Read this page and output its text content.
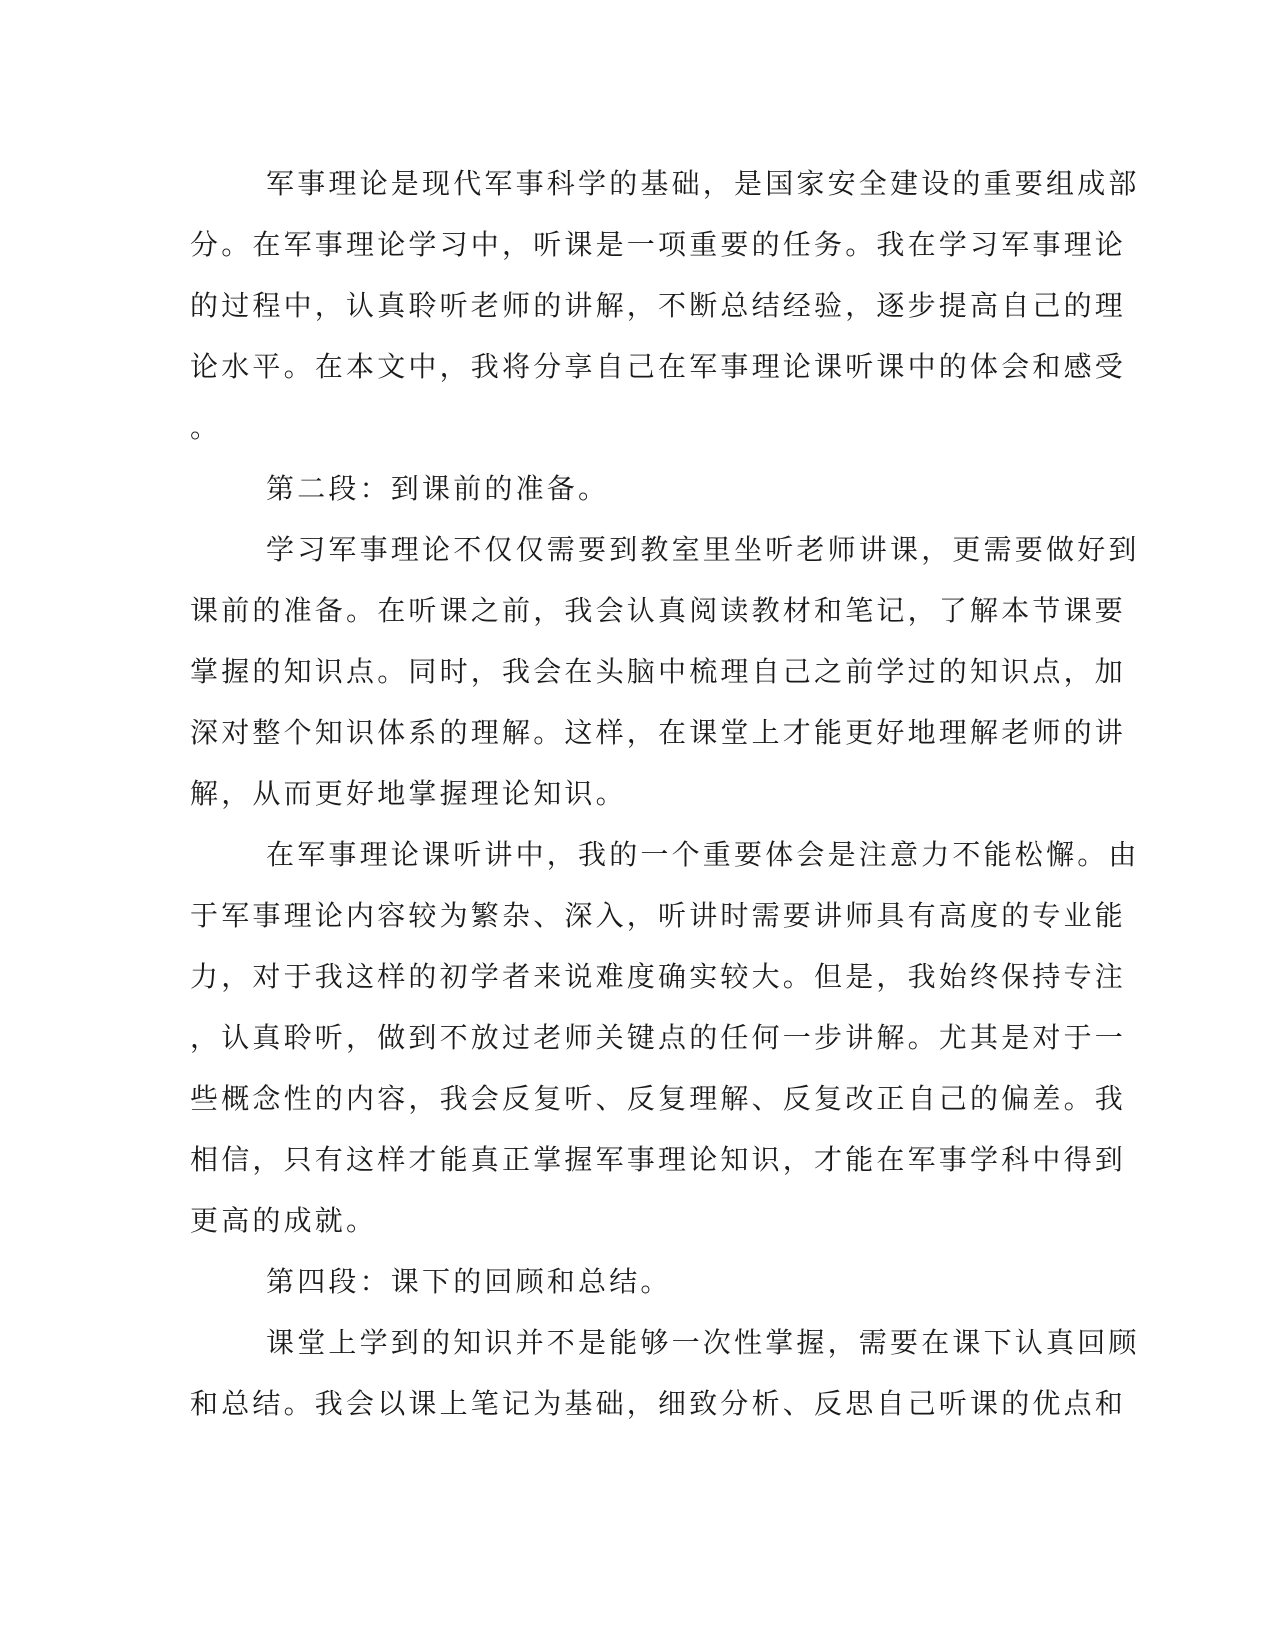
军事理论是现代军事科学的基础，是国家安全建设的重要组成部
分。在军事理论学习中，听课是一项重要的任务。我在学习军事理论
的过程中，认真聆听老师的讲解，不断总结经验，逐步提高自己的理
论水平。在本文中，我将分享自己在军事理论课听课中的体会和感受
。
第二段：到课前的准备。
学习军事理论不仅仅需要到教室里坐听老师讲课，更需要做好到
课前的准备。在听课之前，我会认真阅读教材和笔记，了解本节课要
掌握的知识点。同时，我会在头脑中梳理自己之前学过的知识点，加
深对整个知识体系的理解。这样，在课堂上才能更好地理解老师的讲
解，从而更好地掌握理论知识。
在军事理论课听讲中，我的一个重要体会是注意力不能松懈。由
于军事理论内容较为繁杂、深入，听讲时需要讲师具有高度的专业能
力，对于我这样的初学者来说难度确实较大。但是，我始终保持专注
，认真聆听，做到不放过老师关键点的任何一步讲解。尤其是对于一
些概念性的内容，我会反复听、反复理解、反复改正自己的偏差。我
相信，只有这样才能真正掌握军事理论知识，才能在军事学科中得到
更高的成就。
第四段：课下的回顾和总结。
课堂上学到的知识并不是能够一次性掌握，需要在课下认真回顾
和总结。我会以课上笔记为基础，细致分析、反思自己听课的优点和
